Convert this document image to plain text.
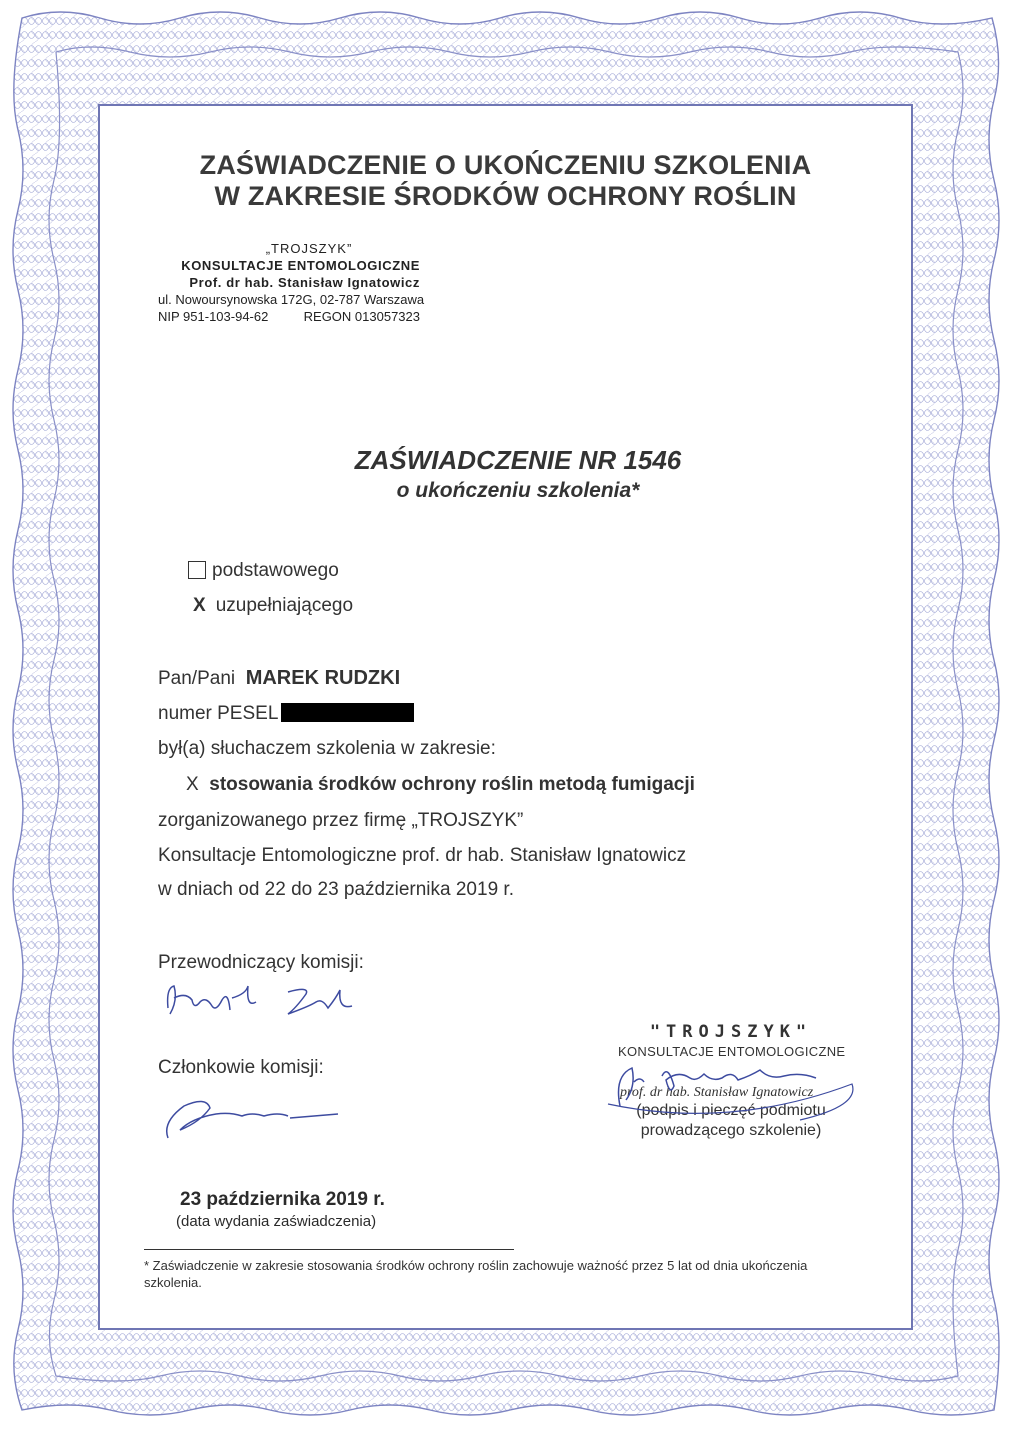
ZAŚWIADCZENIE O UKOŃCZENIU SZKOLENIA
W ZAKRESIE ŚRODKÓW OCHRONY ROŚLIN
„TROJSZYK”
KONSULTACJE ENTOMOLOGICZNE
Prof. dr hab. Stanisław Ignatowicz
ul. Nowoursynowska 172G, 02-787 Warszawa
NIP 951-103-94-62	REGON 013057323
ZAŚWIADCZENIE NR 1546
o ukończeniu szkolenia*
podstawowego
X uzupełniającego
Pan/Pani MAREK RUDZKI
numer PESEL
był(a) słuchaczem szkolenia w zakresie:
X stosowania środków ochrony roślin metodą fumigacji
zorganizowanego przez firmę „TROJSZYK”
Konsultacje Entomologiczne prof. dr hab. Stanisław Ignatowicz
w dniach od 22 do 23 października 2019 r.
Przewodniczący komisji:
Członkowie komisji:
"TROJSZYK"
KONSULTACJE ENTOMOLOGICZNE
prof. dr hab. Stanisław Ignatowicz
(podpis i pieczęć podmiotu
prowadzącego szkolenie)
23 października 2019 r.
(data wydania zaświadczenia)
* Zaświadczenie w zakresie stosowania środków ochrony roślin zachowuje ważność przez 5 lat od dnia ukończenia szkolenia.
